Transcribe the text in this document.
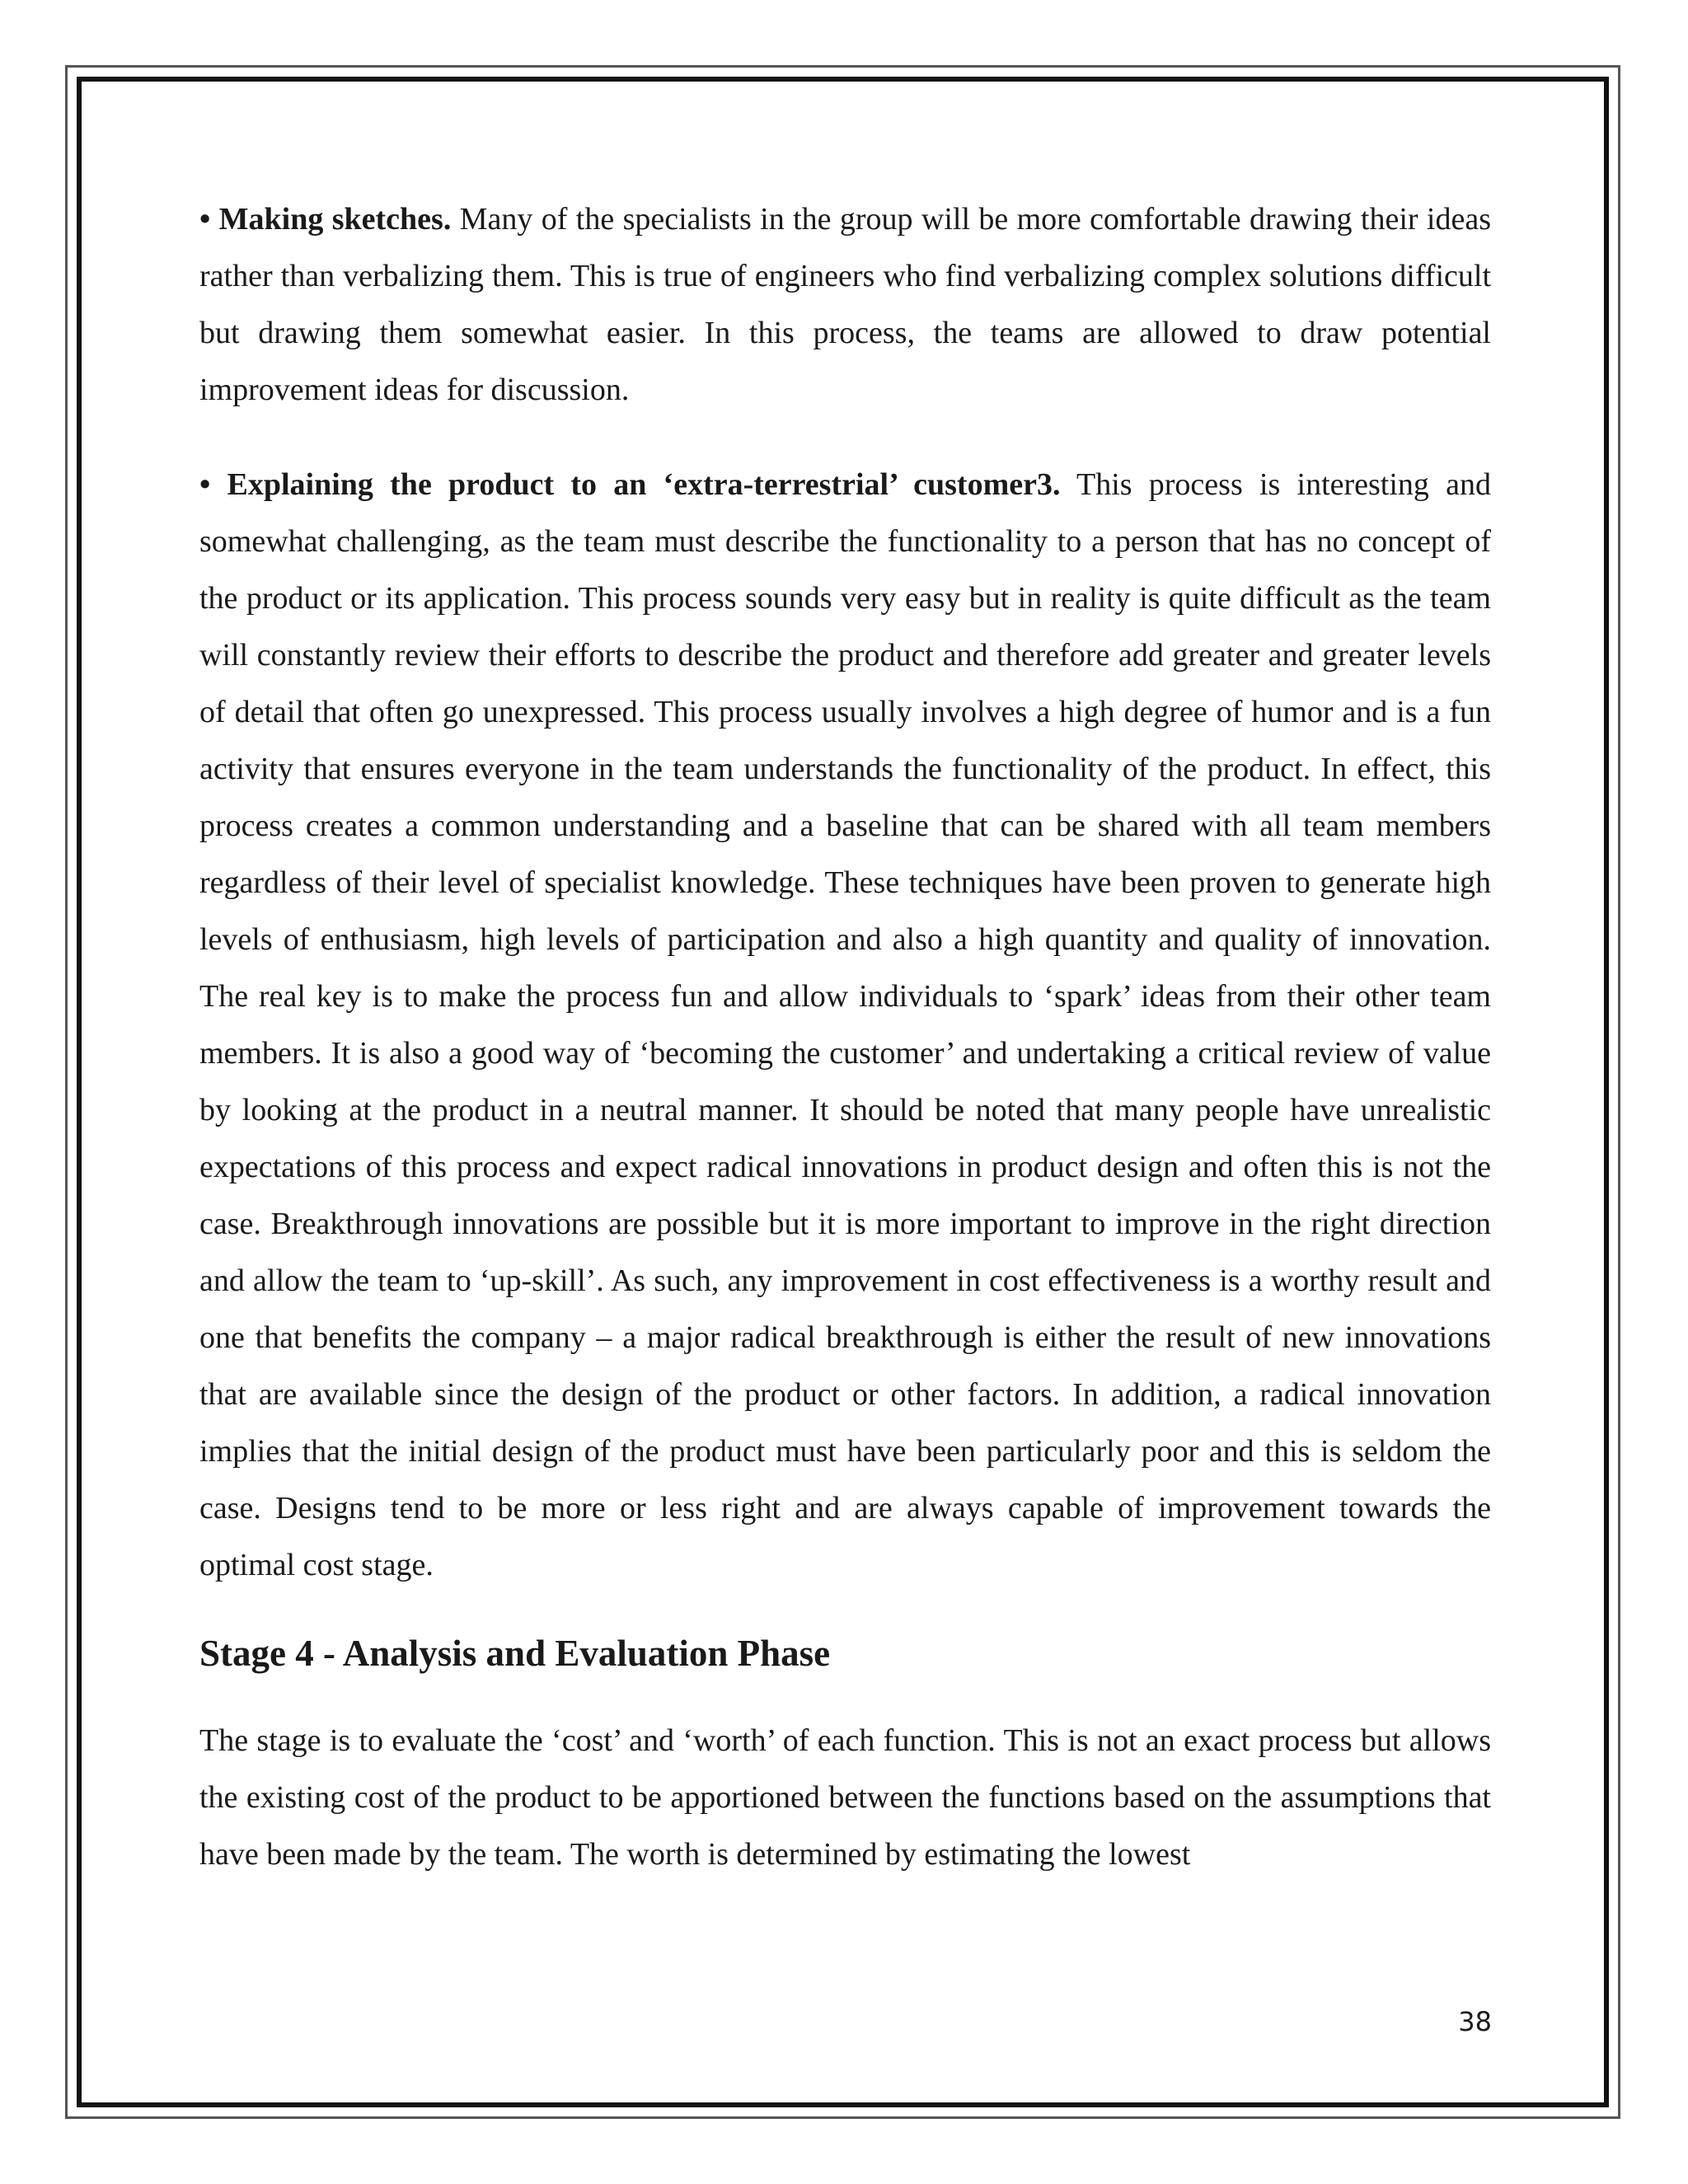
• Making sketches. Many of the specialists in the group will be more comfortable drawing their ideas rather than verbalizing them. This is true of engineers who find verbalizing complex solutions difficult but drawing them somewhat easier. In this process, the teams are allowed to draw potential improvement ideas for discussion.

• Explaining the product to an ‘extra-terrestrial’ customer3. This process is interesting and somewhat challenging, as the team must describe the functionality to a person that has no concept of the product or its application. This process sounds very easy but in reality is quite difficult as the team will constantly review their efforts to describe the product and therefore add greater and greater levels of detail that often go unexpressed. This process usually involves a high degree of humor and is a fun activity that ensures everyone in the team understands the functionality of the product. In effect, this process creates a common understanding and a baseline that can be shared with all team members regardless of their level of specialist knowledge. These techniques have been proven to generate high levels of enthusiasm, high levels of participation and also a high quantity and quality of innovation. The real key is to make the process fun and allow individuals to ‘spark’ ideas from their other team members. It is also a good way of ‘becoming the customer’ and undertaking a critical review of value by looking at the product in a neutral manner. It should be noted that many people have unrealistic expectations of this process and expect radical innovations in product design and often this is not the case. Breakthrough innovations are possible but it is more important to improve in the right direction and allow the team to ‘up-skill’. As such, any improvement in cost effectiveness is a worthy result and one that benefits the company – a major radical breakthrough is either the result of new innovations that are available since the design of the product or other factors. In addition, a radical innovation implies that the initial design of the product must have been particularly poor and this is seldom the case. Designs tend to be more or less right and are always capable of improvement towards the optimal cost stage.

Stage 4 - Analysis and Evaluation Phase

The stage is to evaluate the ‘cost’ and ‘worth’ of each function. This is not an exact process but allows the existing cost of the product to be apportioned between the functions based on the assumptions that have been made by the team. The worth is determined by estimating the lowest

38
